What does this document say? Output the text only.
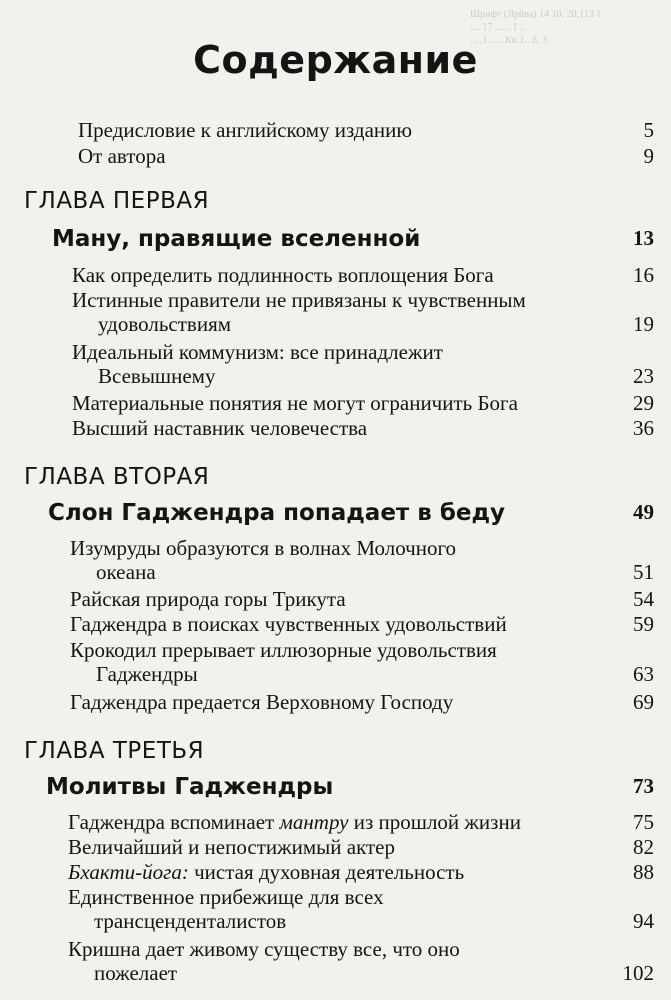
Шрифт (Лрйва) 14 10. 20,113 1
.... 17 ...... 1 ..
... ,1 ..... Кн.1.. 8, 3
Содержание
Предисловие к английскому изданию	5
От автора	9
ГЛАВА ПЕРВАЯ
Ману, правящие вселенной	13
Как определить подлинность воплощения Бога	16
Истинные правители не привязаны к чувственным
удовольствиям	19
Идеальный коммунизм: все принадлежит
Всевышнему	23
Материальные понятия не могут ограничить Бога	29
Высший наставник человечества	36
ГЛАВА ВТОРАЯ
Слон Гаджендра попадает в беду	49
Изумруды образуются в волнах Молочного
океана	51
Райская природа горы Трикута	54
Гаджендра в поисках чувственных удовольствий	59
Крокодил прерывает иллюзорные удовольствия
Гаджендры	63
Гаджендра предается Верховному Господу	69
ГЛАВА ТРЕТЬЯ
Молитвы Гаджендры	73
Гаджендра вспоминает мантру из прошлой жизни	75
Величайший и непостижимый актер	82
Бхакти-йога: чистая духовная деятельность	88
Единственное прибежище для всех
трансценденталистов	94
Кришна дает живому существу все, что оно
пожелает	102
